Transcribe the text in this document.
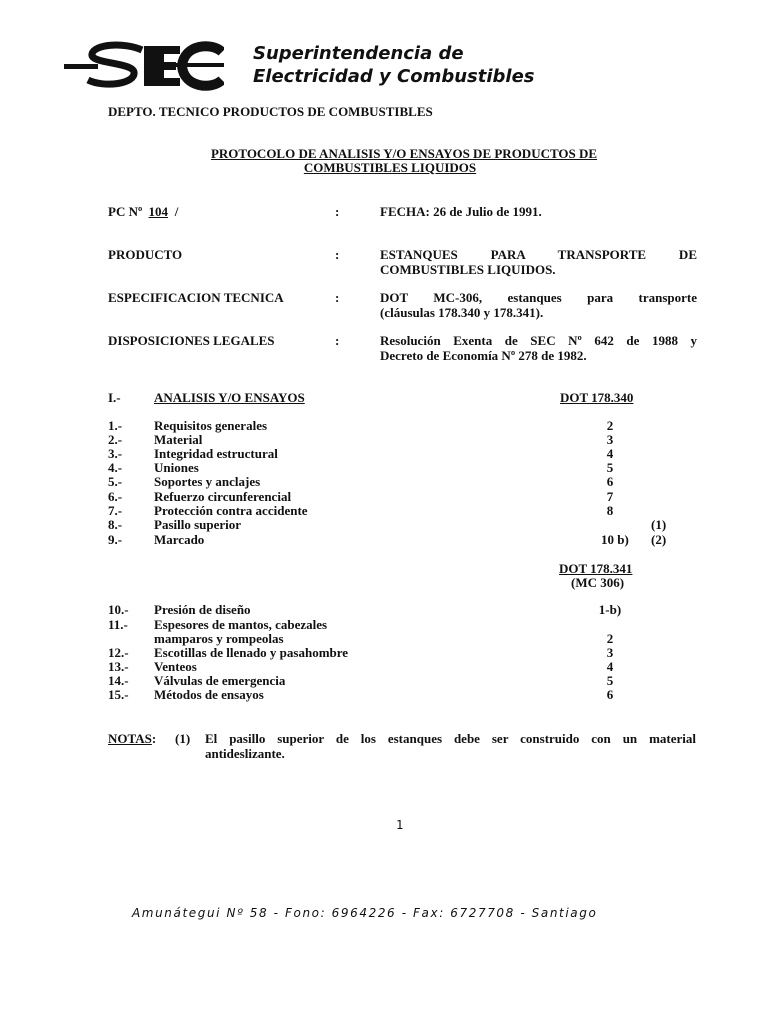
Superintendencia de
Electricidad y Combustibles
DEPTO. TECNICO PRODUCTOS DE COMBUSTIBLES
PROTOCOLO DE ANALISIS Y/O ENSAYOS DE PRODUCTOS DE
COMBUSTIBLES LIQUIDOS
PC Nº 104 /	:	FECHA: 26 de Julio de 1991.
PRODUCTO	:	ESTANQUES PARA TRANSPORTE DE
COMBUSTIBLES LIQUIDOS.
ESPECIFICACION TECNICA	:	DOT MC-306, estanques para transporte
(cláusulas 178.340 y 178.341).
DISPOSICIONES LEGALES	:	Resolución Exenta de SEC Nº 642 de 1988 y
Decreto de Economía Nº 278 de 1982.
I.-	ANALISIS Y/O ENSAYOS	DOT 178.340
1.- Requisitos generales	2
2.- Material	3
3.- Integridad estructural	4
4.- Uniones	5
5.- Soportes y anclajes	6
6.- Refuerzo circunferencial	7
7.- Protección contra accidente	8
8.- Pasillo superior	(1)
9.- Marcado	10 b) (2)
DOT 178.341
(MC 306)
10.- Presión de diseño	1-b)
11.- Espesores de mantos, cabezales
mamparos y rompeolas	2
12.- Escotillas de llenado y pasahombre	3
13.- Venteos	4
14.- Válvulas de emergencia	5
15.- Métodos de ensayos	6
NOTAS: (1) El pasillo superior de los estanques debe ser construido con un material
antideslizante.
1
Amunátegui Nº 58 - Fono: 6964226 - Fax: 6727708 - Santiago
